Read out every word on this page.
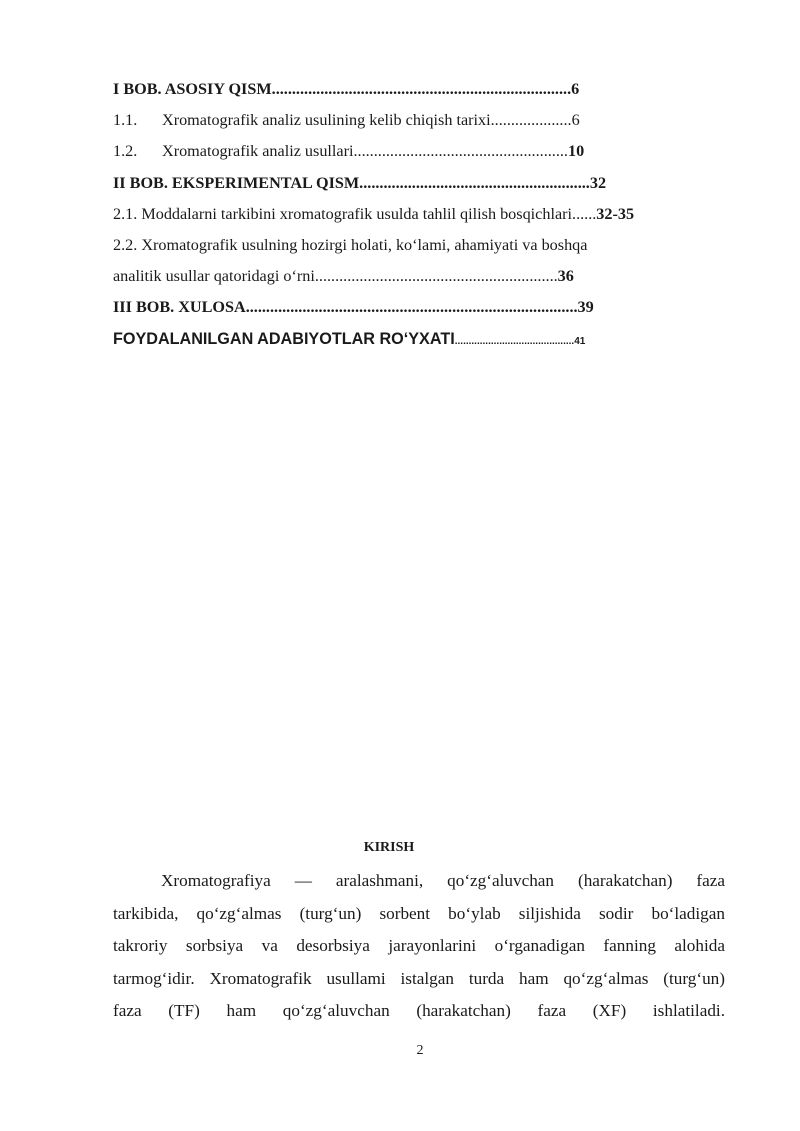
I BOB. ASOSIY QISM..........................................................................6
1.1. Xromatografik analiz usulining kelib chiqish tarixi....................6
1.2. Xromatografik analiz usullari.....................................................10
II BOB. EKSPERIMENTAL QISM.........................................................32
2.1. Moddalarni tarkibini xromatografik usulda tahlil qilish bosqichlari......32-35
2.2. Xromatografik usulning hozirgi holati, ko‘lami, ahamiyati va boshqa
analitik usullar qatoridagi o‘rni............................................................36
III BOB. XULOSA..................................................................................39
FOYDALANILGAN ADABIYOTLAR RO‘YXATI...........................................41
KIRISH
Xromatografiya — aralashmani, qo‘zg‘aluvchan (harakatchan) faza
tarkibida, qo‘zg‘almas (turg‘un) sorbent bo‘ylab siljishida sodir bo‘ladigan
takroriy sorbsiya va desorbsiya jarayonlarini o‘rganadigan fanning alohida
tarmog‘idir. Xromatografik usullami istalgan turda ham qo‘zg‘almas (turg‘un)
faza (TF) ham qo‘zg‘aluvchan (harakatchan) faza (XF) ishlatiladi.
2
